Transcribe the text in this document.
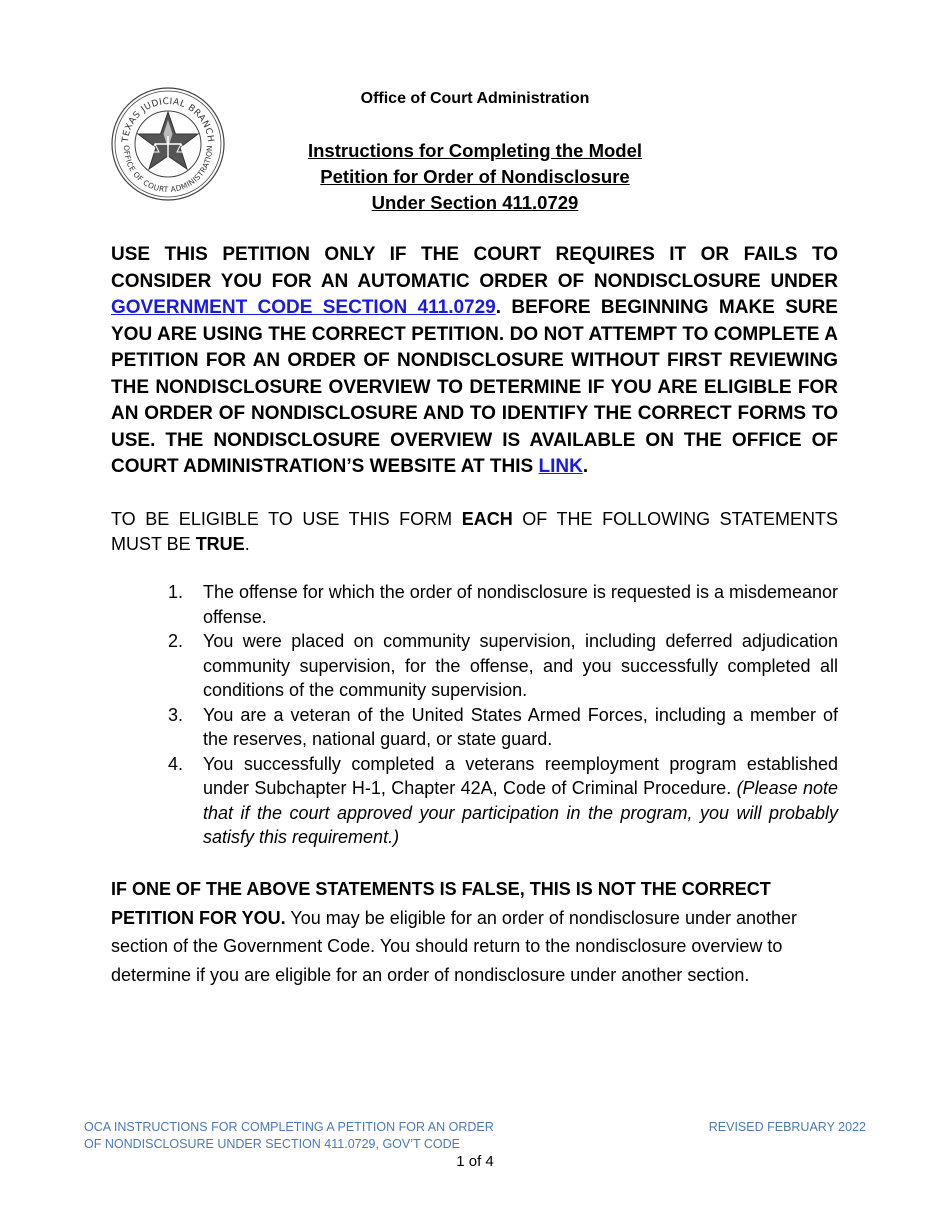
TEXAS JUDICIAL BRANCH
OFFICE OF COURT ADMINISTRATION
Office of Court Administration
Instructions for Completing the Model
Petition for Order of Nondisclosure
Under Section 411.0729

USE THIS PETITION ONLY IF THE COURT REQUIRES IT OR FAILS TO CONSIDER YOU FOR AN AUTOMATIC ORDER OF NONDISCLOSURE UNDER GOVERNMENT CODE SECTION 411.0729. BEFORE BEGINNING MAKE SURE YOU ARE USING THE CORRECT PETITION. DO NOT ATTEMPT TO COMPLETE A PETITION FOR AN ORDER OF NONDISCLOSURE WITHOUT FIRST REVIEWING THE NONDISCLOSURE OVERVIEW TO DETERMINE IF YOU ARE ELIGIBLE FOR AN ORDER OF NONDISCLOSURE AND TO IDENTIFY THE CORRECT FORMS TO USE. THE NONDISCLOSURE OVERVIEW IS AVAILABLE ON THE OFFICE OF COURT ADMINISTRATION’S WEBSITE AT THIS LINK.

TO BE ELIGIBLE TO USE THIS FORM EACH OF THE FOLLOWING STATEMENTS MUST BE TRUE.

1.	The offense for which the order of nondisclosure is requested is a misdemeanor offense.
2.	You were placed on community supervision, including deferred adjudication community supervision, for the offense, and you successfully completed all conditions of the community supervision.
3.	You are a veteran of the United States Armed Forces, including a member of the reserves, national guard, or state guard.
4.	You successfully completed a veterans reemployment program established under Subchapter H-1, Chapter 42A, Code of Criminal Procedure. (Please note that if the court approved your participation in the program, you will probably satisfy this requirement.)

IF ONE OF THE ABOVE STATEMENTS IS FALSE, THIS IS NOT THE CORRECT PETITION FOR YOU. You may be eligible for an order of nondisclosure under another section of the Government Code. You should return to the nondisclosure overview to determine if you are eligible for an order of nondisclosure under another section.

OCA INSTRUCTIONS FOR COMPLETING A PETITION FOR AN ORDER
OF NONDISCLOSURE UNDER SECTION 411.0729, GOV’T CODE
REVISED FEBRUARY 2022
1 of 4
